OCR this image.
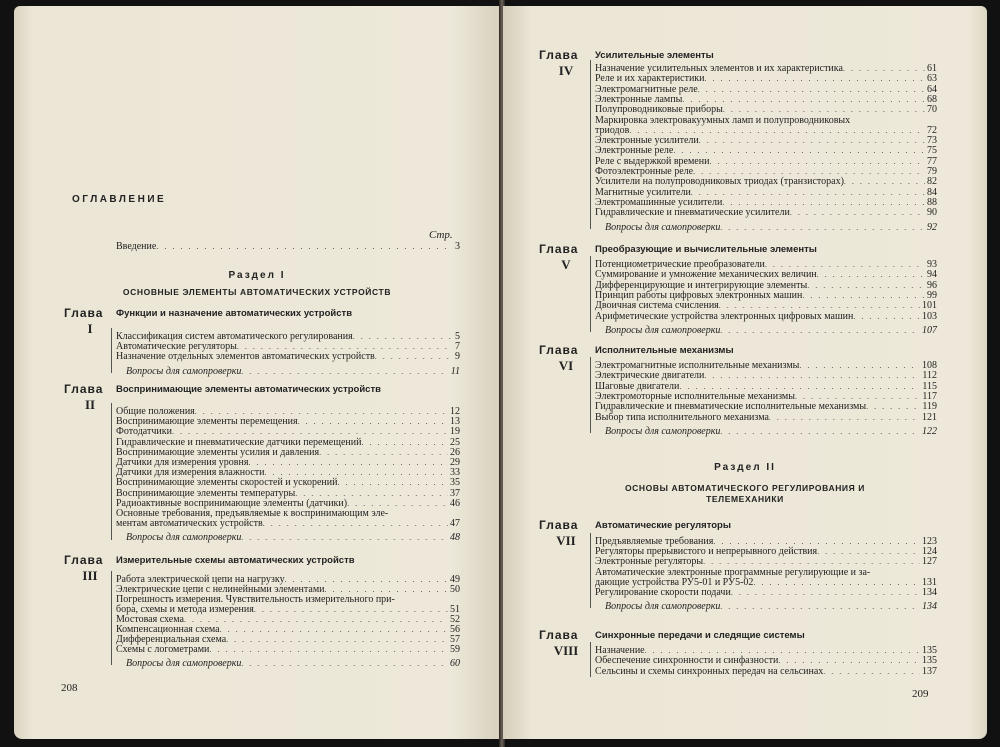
ОГЛАВЛЕНИЕ
Стр.
Введение . . .	3
Раздел I
ОСНОВНЫЕ ЭЛЕМЕНТЫ АВТОМАТИЧЕСКИХ УСТРОЙСТВ
Глава Функции и назначение автоматических устройств
I
Классификация систем автоматического регулирования . . .	5
Автоматические регуляторы . . .	7
Назначение отдельных элементов автоматических устройств . . .	9
Вопросы для самопроверки . . .	11
Глава Воспринимающие элементы автоматических устройств
II	Общие положения . . .	12
Воспринимающие элементы перемещения . . .	13
Фотодатчики . . .	19
Гидравлические и пневматические датчики перемещений . . .	25
Воспринимающие элементы усилия и давления . . .	26
Датчики для измерения уровня . . .	29
Датчики для измерения влажности . . .	33
Воспринимающие элементы скоростей и ускорений . . .	35
Воспринимающие элементы температуры . . .	37
Радиоактивные воспринимающие элементы (датчики) . . .	46
Основные требования, предъявляемые к воспринимающим эле-
ментам автоматических устройств . . .	47
Вопросы для самопроверки . . .	48
Глава Измерительные схемы автоматических устройств
III	Работа электрической цепи на нагрузку . . .	49
Электрические цепи с нелинейными элементами . . .	50
Погрешность измерения. Чувствительность измерительного при-
бора, схемы и метода измерения . . .	51
Мостовая схема . . .	52
Компенсационная схема . . .	56
Дифференциальная схема . . .	57
Схемы с логометрами . . .	59
Вопросы для самопроверки . . .	60
208
Глава Усилительные элементы
IV	Назначение усилительных элементов и их характеристика . . .	61
Реле и их характеристики . . .	63
Электромагнитные реле . . .	64
Электронные лампы . . .	68
Полупроводниковые приборы . . .	70
Маркировка электровакуумных ламп и полупроводниковых
триодов . . .	72
Электронные усилители . . .	73
Электронные реле . . .	75
Реле с выдержкой времени . . .	77
Фотоэлектронные реле . . .	79
Усилители на полупроводниковых триодах (транзисторах) . . .	82
Магнитные усилители . . .	84
Электромашинные усилители . . .	88
Гидравлические и пневматические усилители . . .	90
Вопросы для самопроверки . . .	92
Глава Преобразующие и вычислительные элементы
V	Потенциометрические преобразователи . . .	93
Суммирование и умножение механических величин . . .	94
Дифференцирующие и интегрирующие элементы . . .	96
Принцип работы цифровых электронных машин . . .	99
Двоичная система счисления . . .	101
Арифметические устройства электронных цифровых машин . . .	103
Вопросы для самопроверки . . .	107
Глава Исполнительные механизмы
VI	Электромагнитные исполнительные механизмы . . .	108
Электрические двигатели . . .	112
Шаговые двигатели . . .	115
Электромоторные исполнительные механизмы . . .	117
Гидравлические и пневматические исполнительные механизмы . . .	119
Выбор типа исполнительного механизма . . .	121
Вопросы для самопроверки . . .	122
Глава Автоматические регуляторы
VII	Предъявляемые требования . . .	123
Регуляторы прерывистого и непрерывного действия . . .	124
Электронные регуляторы . . .	127
Автоматические электронные программные регулирующие и за-
дающие устройства РУ5-01 и РУ5-02 . . .	131
Регулирование скорости подачи . . .	134
Вопросы для самопроверки . . .	134
Глава Синхронные передачи и следящие системы
VIII	Назначение . . .	135
Обеспечение синхронности и синфазности . . .	135
Сельсины и схемы синхронных передач на сельсинах . . .	137
Раздел II
ОСНОВЫ АВТОМАТИЧЕСКОГО РЕГУЛИРОВАНИЯ И ТЕЛЕМЕХАНИКИ
209
